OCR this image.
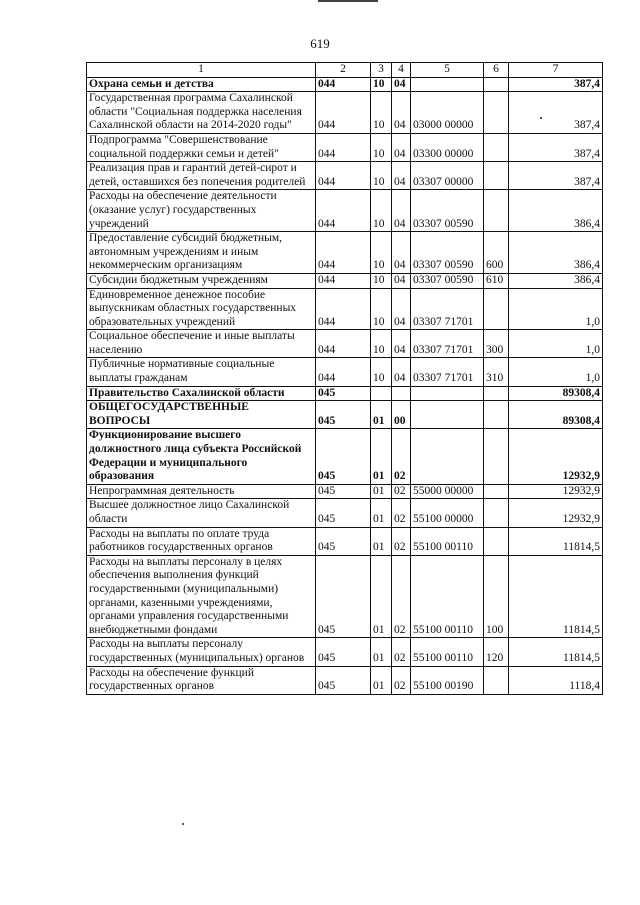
619
1	2	3	4	5	6	7
Охрана семьи и детства	044	10	04			387,4
Государственная программа Сахалинской области "Социальная поддержка населения Сахалинской области на 2014-2020 годы"	044	10	04	03000 00000		387,4
Подпрограмма "Совершенствование социальной поддержки семьи и детей"	044	10	04	03300 00000		387,4
Реализация прав и гарантий детей-сирот и детей, оставшихся без попечения родителей	044	10	04	03307 00000		387,4
Расходы на обеспечение деятельности (оказание услуг) государственных учреждений	044	10	04	03307 00590		386,4
Предоставление субсидий бюджетным, автономным учреждениям и иным некоммерческим организациям	044	10	04	03307 00590	600	386,4
Субсидии бюджетным учреждениям	044	10	04	03307 00590	610	386,4
Единовременное денежное пособие выпускникам областных государственных образовательных учреждений	044	10	04	03307 71701		1,0
Социальное обеспечение и иные выплаты населению	044	10	04	03307 71701	300	1,0
Публичные нормативные социальные выплаты гражданам	044	10	04	03307 71701	310	1,0
Правительство Сахалинской области	045					89308,4
ОБЩЕГОСУДАРСТВЕННЫЕ ВОПРОСЫ	045	01	00			89308,4
Функционирование высшего должностного лица субъекта Российской Федерации и муниципального образования	045	01	02			12932,9
Непрограммная деятельность	045	01	02	55000 00000		12932,9
Высшее должностное лицо Сахалинской области	045	01	02	55100 00000		12932,9
Расходы на выплаты по оплате труда работников государственных органов	045	01	02	55100 00110		11814,5
Расходы на выплаты персоналу в целях обеспечения выполнения функций государственными (муниципальными) органами, казенными учреждениями, органами управления государственными внебюджетными фондами	045	01	02	55100 00110	100	11814,5
Расходы на выплаты персоналу государственных (муниципальных) органов	045	01	02	55100 00110	120	11814,5
Расходы на обеспечение функций государственных органов	045	01	02	55100 00190		1118,4
